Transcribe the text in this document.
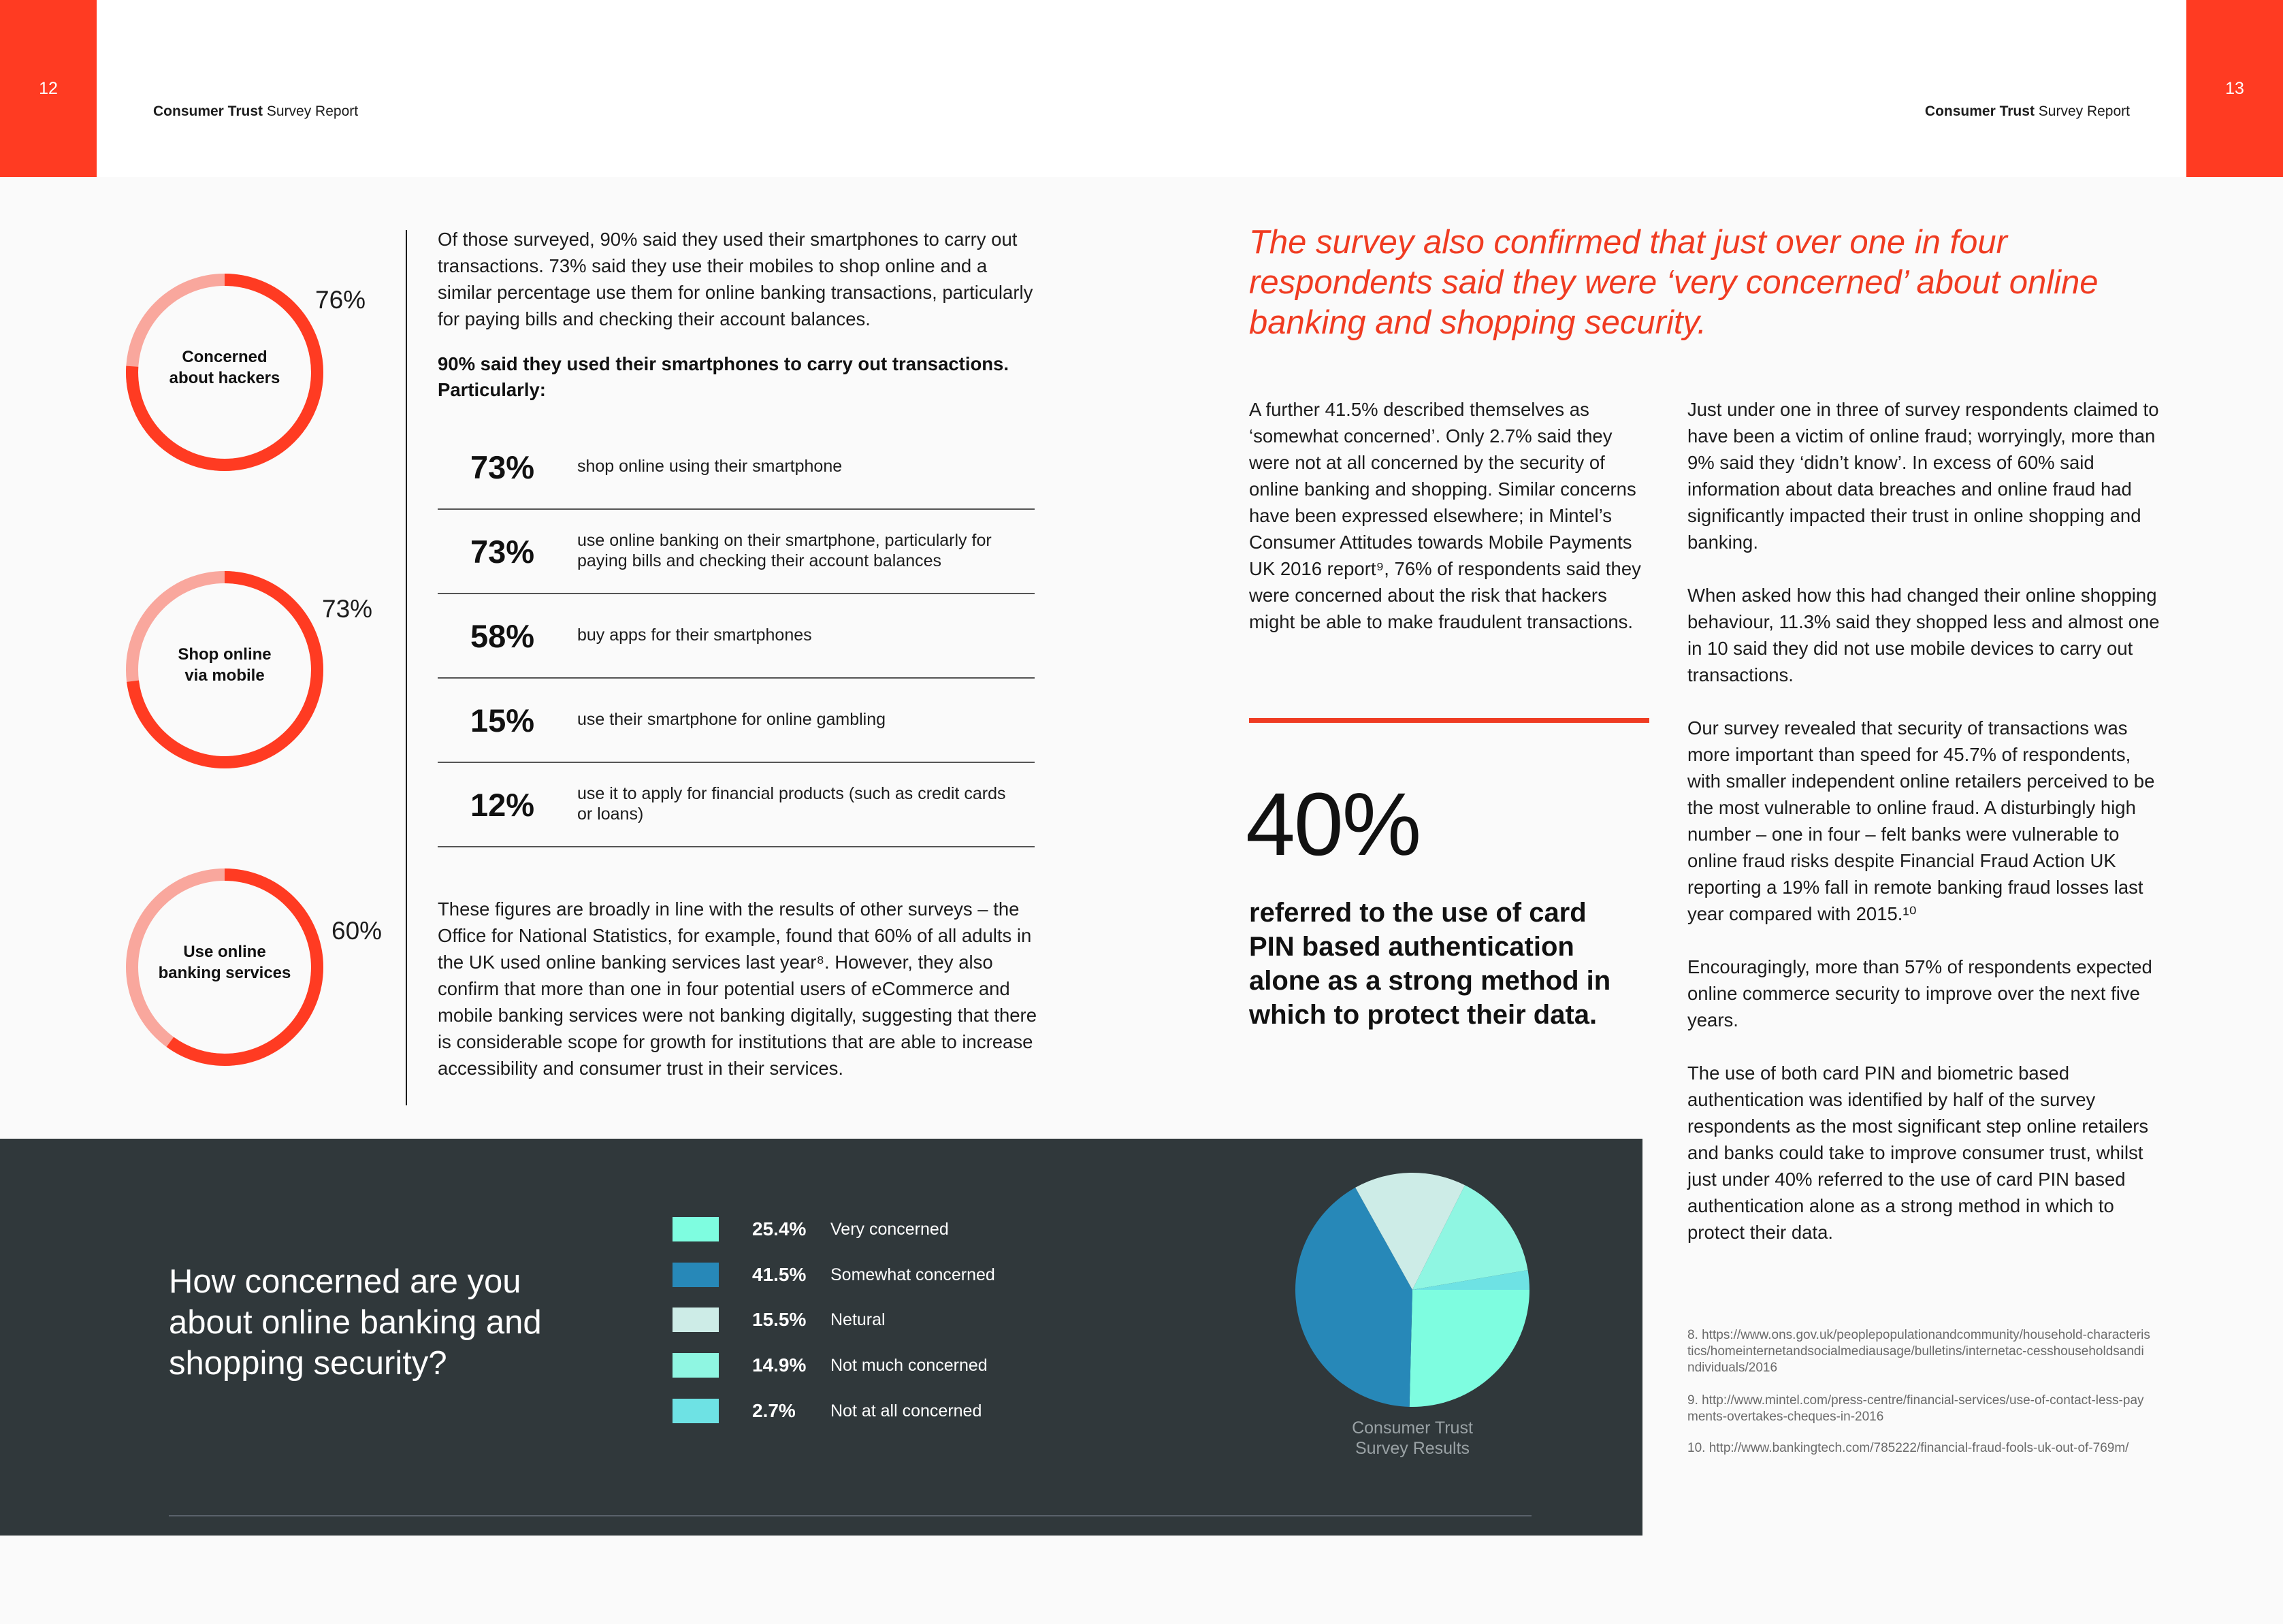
12
Consumer Trust Survey Report	Consumer Trust Survey Report
13
Concerned
about hackers
76%
Shop online
via mobile
73%
Use online
banking services
60%
Of those surveyed, 90% said they used their smartphones to carry out transactions. 73% said they use their mobiles to shop online and a similar percentage use them for online banking transactions, particularly for paying bills and checking their account balances.
90% said they used their smartphones to carry out transactions. Particularly:
73%	shop online using their smartphone
73%	use online banking on their smartphone, particularly for paying bills and checking their account balances
58%	buy apps for their smartphones
15%	use their smartphone for online gambling
12%	use it to apply for financial products (such as credit cards or loans)
These figures are broadly in line with the results of other surveys – the Office for National Statistics, for example, found that 60% of all adults in the UK used online banking services last year⁸. However, they also confirm that more than one in four potential users of eCommerce and mobile banking services were not banking digitally, suggesting that there is considerable scope for growth for institutions that are able to increase accessibility and consumer trust in their services.
The survey also confirmed that just over one in four respondents said they were ‘very concerned’ about online banking and shopping security.
A further 41.5% described themselves as ‘somewhat concerned’. Only 2.7% said they were not at all concerned by the security of online banking and shopping. Similar concerns have been expressed elsewhere; in Mintel’s Consumer Attitudes towards Mobile Payments UK 2016 report⁹, 76% of respondents said they were concerned about the risk that hackers might be able to make fraudulent transactions.
40%
referred to the use of card PIN based authentication alone as a strong method in which to protect their data.

Just under one in three of survey respondents claimed to have been a victim of online fraud; worryingly, more than 9% said they ‘didn’t know’. In excess of 60% said information about data breaches and online fraud had significantly impacted their trust in online shopping and banking.

When asked how this had changed their online shopping behaviour, 11.3% said they shopped less and almost one in 10 said they did not use mobile devices to carry out transactions.

Our survey revealed that security of transactions was more important than speed for 45.7% of respondents, with smaller independent online retailers perceived to be the most vulnerable to online fraud. A disturbingly high number – one in four – felt banks were vulnerable to online fraud risks despite Financial Fraud Action UK reporting a 19% fall in remote banking fraud losses last year compared with 2015.¹⁰

Encouragingly, more than 57% of respondents expected online commerce security to improve over the next five years.

The use of both card PIN and biometric based authentication was identified by half of the survey respondents as the most significant step online retailers and banks could take to improve consumer trust, whilst just under 40% referred to the use of card PIN based authentication alone as a strong method in which to protect their data.

8. https://www.ons.gov.uk/peoplepopulationandcommunity/household-characteristics/homeinternetandsocialmediausage/bulletins/internetac-cesshouseholdsandindividuals/2016
9. http://www.mintel.com/press-centre/financial-services/use-of-contact-less-payments-overtakes-cheques-in-2016
10. http://www.bankingtech.com/785222/financial-fraud-fools-uk-out-of-769m/
How concerned are you about online banking and shopping security?
25.4% Very concerned
41.5% Somewhat concerned
15.5% Netural
14.9% Not much concerned
2.7% Not at all concerned
Consumer Trust
Survey Results
